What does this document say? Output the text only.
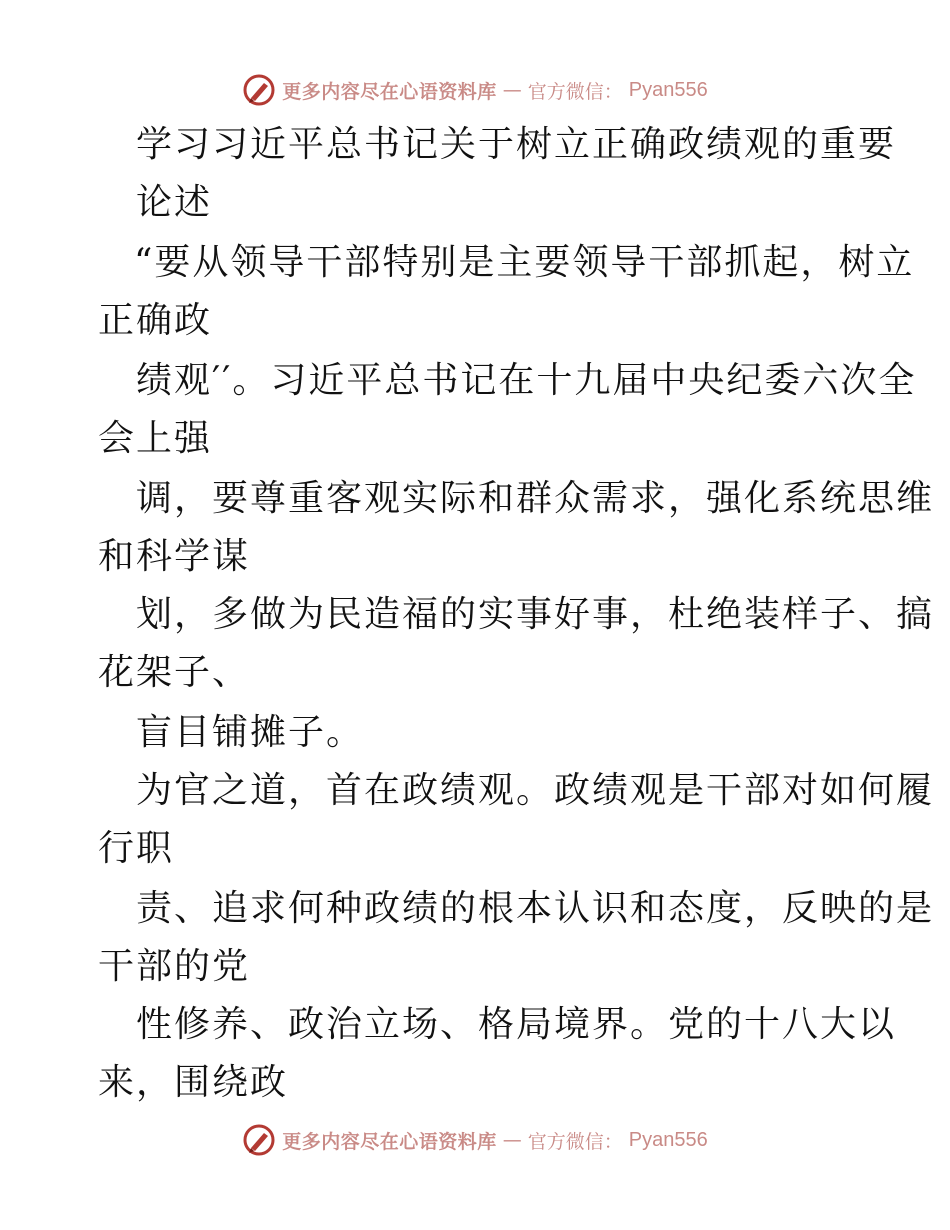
更多内容尽在心语资料库 — 官方微信： Pyan556
学习习近平总书记关于树立正确政绩观的重要
论述
“要从领导干部特别是主要领导干部抓起，树立
正确政
绩观′′。习近平总书记在十九届中央纪委六次全
会上强
调，要尊重客观实际和群众需求，强化系统思维
和科学谋
划，多做为民造福的实事好事，杜绝装样子、搞
花架子、
盲目铺摊子。
为官之道，首在政绩观。政绩观是干部对如何履
行职
责、追求何种政绩的根本认识和态度，反映的是
干部的党
性修养、政治立场、格局境界。党的十八大以
来，围绕政
更多内容尽在心语资料库 — 官方微信： Pyan556
